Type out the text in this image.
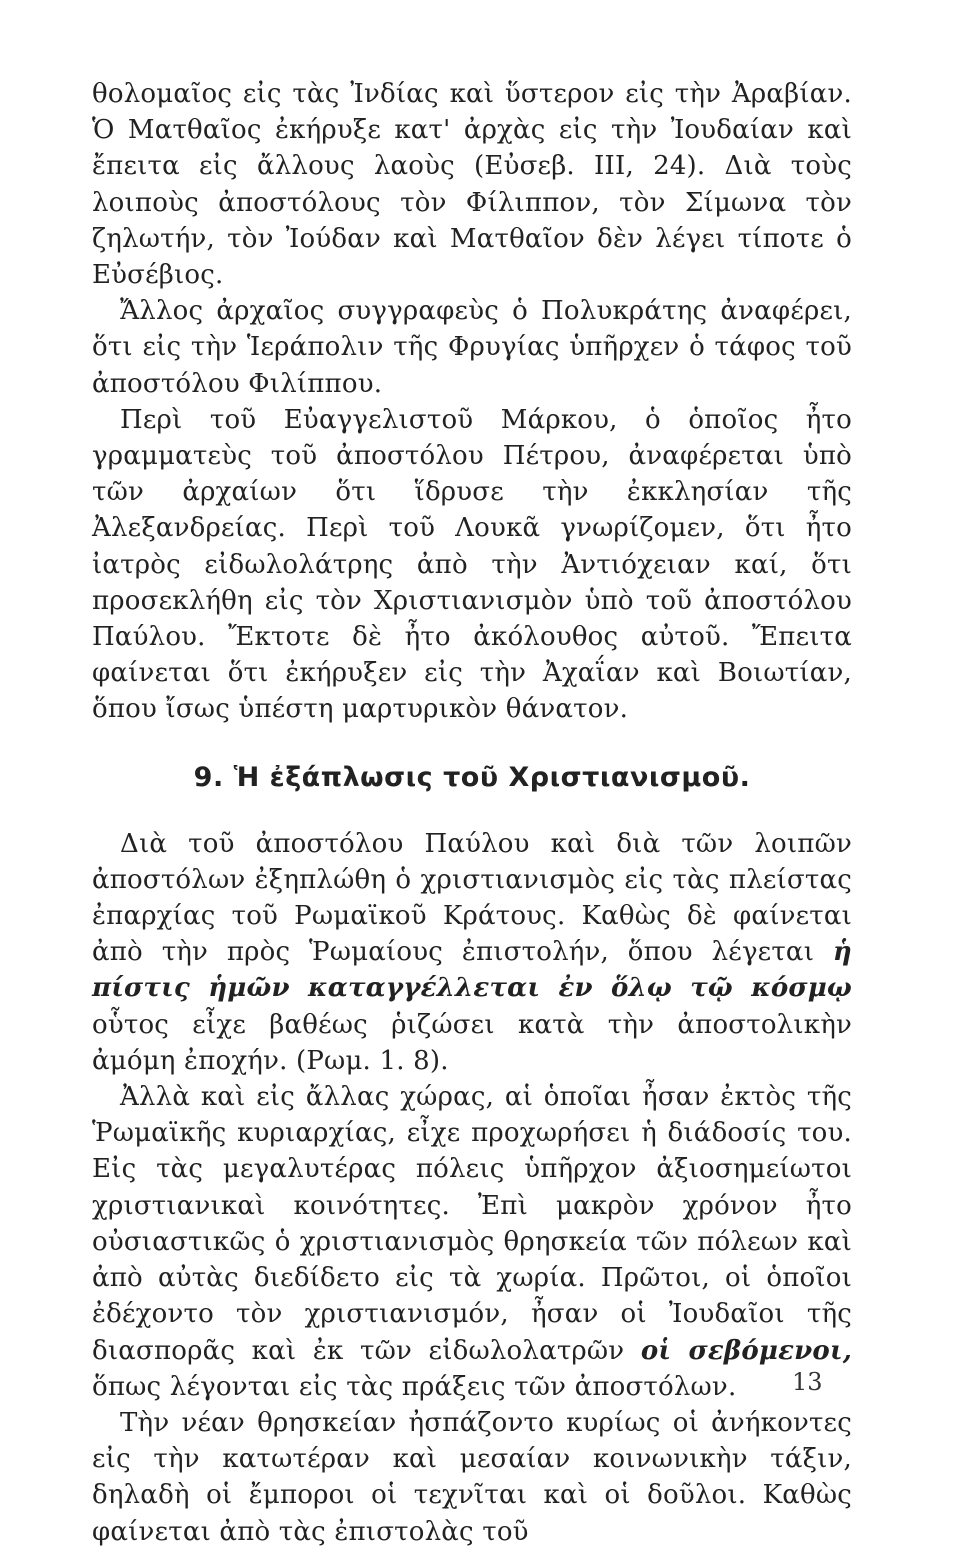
θολομαῖος εἰς τὰς Ἰνδίας καὶ ὕστερον εἰς τὴν Ἀραβίαν. Ὁ Ματθαῖος ἐκήρυξε κατ' ἀρχὰς εἰς τὴν Ἰουδαίαν καὶ ἔπειτα εἰς ἄλλους λαοὺς (Εὐσεβ. III, 24). Διὰ τοὺς λοιποὺς ἀποστόλους τὸν Φίλιππον, τὸν Σίμωνα τὸν ζηλωτήν, τὸν Ἰούδαν καὶ Ματθαῖον δὲν λέγει τίποτε ὁ Εὐσέβιος.

Ἄλλος ἀρχαῖος συγγραφεὺς ὁ Πολυκράτης ἀναφέρει, ὅτι εἰς τὴν Ἱεράπολιν τῆς Φρυγίας ὑπῆρχεν ὁ τάφος τοῦ ἀποστόλου Φιλίππου.

Περὶ τοῦ Εὐαγγελιστοῦ Μάρκου, ὁ ὁποῖος ἦτο γραμματεὺς τοῦ ἀποστόλου Πέτρου, ἀναφέρεται ὑπὸ τῶν ἀρχαίων ὅτι ἵδρυσε τὴν ἐκκλησίαν τῆς Ἀλεξανδρείας. Περὶ τοῦ Λουκᾶ γνωρίζομεν, ὅτι ἦτο ἰατρὸς εἰδωλολάτρης ἀπὸ τὴν Ἀντιόχειαν καί, ὅτι προσεκλήθη εἰς τὸν Χριστιανισμὸν ὑπὸ τοῦ ἀποστόλου Παύλου. Ἔκτοτε δὲ ἦτο ἀκόλουθος αὐτοῦ. Ἔπειτα φαίνεται ὅτι ἐκήρυξεν εἰς τὴν Ἀχαΐαν καὶ Βοιωτίαν, ὅπου ἴσως ὑπέστη μαρτυρικὸν θάνατον.

9. Ἡ ἐξάπλωσις τοῦ Χριστιανισμοῦ.

Διὰ τοῦ ἀποστόλου Παύλου καὶ διὰ τῶν λοιπῶν ἀποστόλων ἐξηπλώθη ὁ χριστιανισμὸς εἰς τὰς πλείστας ἐπαρχίας τοῦ Ρωμαϊκοῦ Κράτους. Καθὼς δὲ φαίνεται ἀπὸ τὴν πρὸς Ῥωμαίους ἐπιστολήν, ὅπου λέγεται ἡ πίστις ἡμῶν καταγγέλλεται ἐν ὅλῳ τῷ κόσμῳ οὗτος εἶχε βαθέως ῥιζώσει κατὰ τὴν ἀποστολικὴν ἀμόμη ἐποχήν. (Ρωμ. 1. 8).

Ἀλλὰ καὶ εἰς ἄλλας χώρας, αἱ ὁποῖαι ἦσαν ἐκτὸς τῆς Ῥωμαϊκῆς κυριαρχίας, εἶχε προχωρήσει ἡ διάδοσίς του. Εἰς τὰς μεγαλυτέρας πόλεις ὑπῆρχον ἀξιοσημείωτοι χριστιανικαὶ κοινότητες. Ἐπὶ μακρὸν χρόνον ἦτο οὐσιαστικῶς ὁ χριστιανισμὸς θρησκεία τῶν πόλεων καὶ ἀπὸ αὐτὰς διεδίδετο εἰς τὰ χωρία. Πρῶτοι, οἱ ὁποῖοι ἐδέχοντο τὸν χριστιανισμόν, ἦσαν οἱ Ἰουδαῖοι τῆς διασπορᾶς καὶ ἐκ τῶν εἰδωλολατρῶν οἱ σεβόμενοι, ὅπως λέγονται εἰς τὰς πράξεις τῶν ἀποστόλων.

Τὴν νέαν θρησκείαν ἠσπάζοντο κυρίως οἱ ἀνήκοντες εἰς τὴν κατωτέραν καὶ μεσαίαν κοινωνικὴν τάξιν, δηλαδὴ οἱ ἔμποροι οἱ τεχνῖται καὶ οἱ δοῦλοι. Καθὼς φαίνεται ἀπὸ τὰς ἐπιστολὰς τοῦ

13
